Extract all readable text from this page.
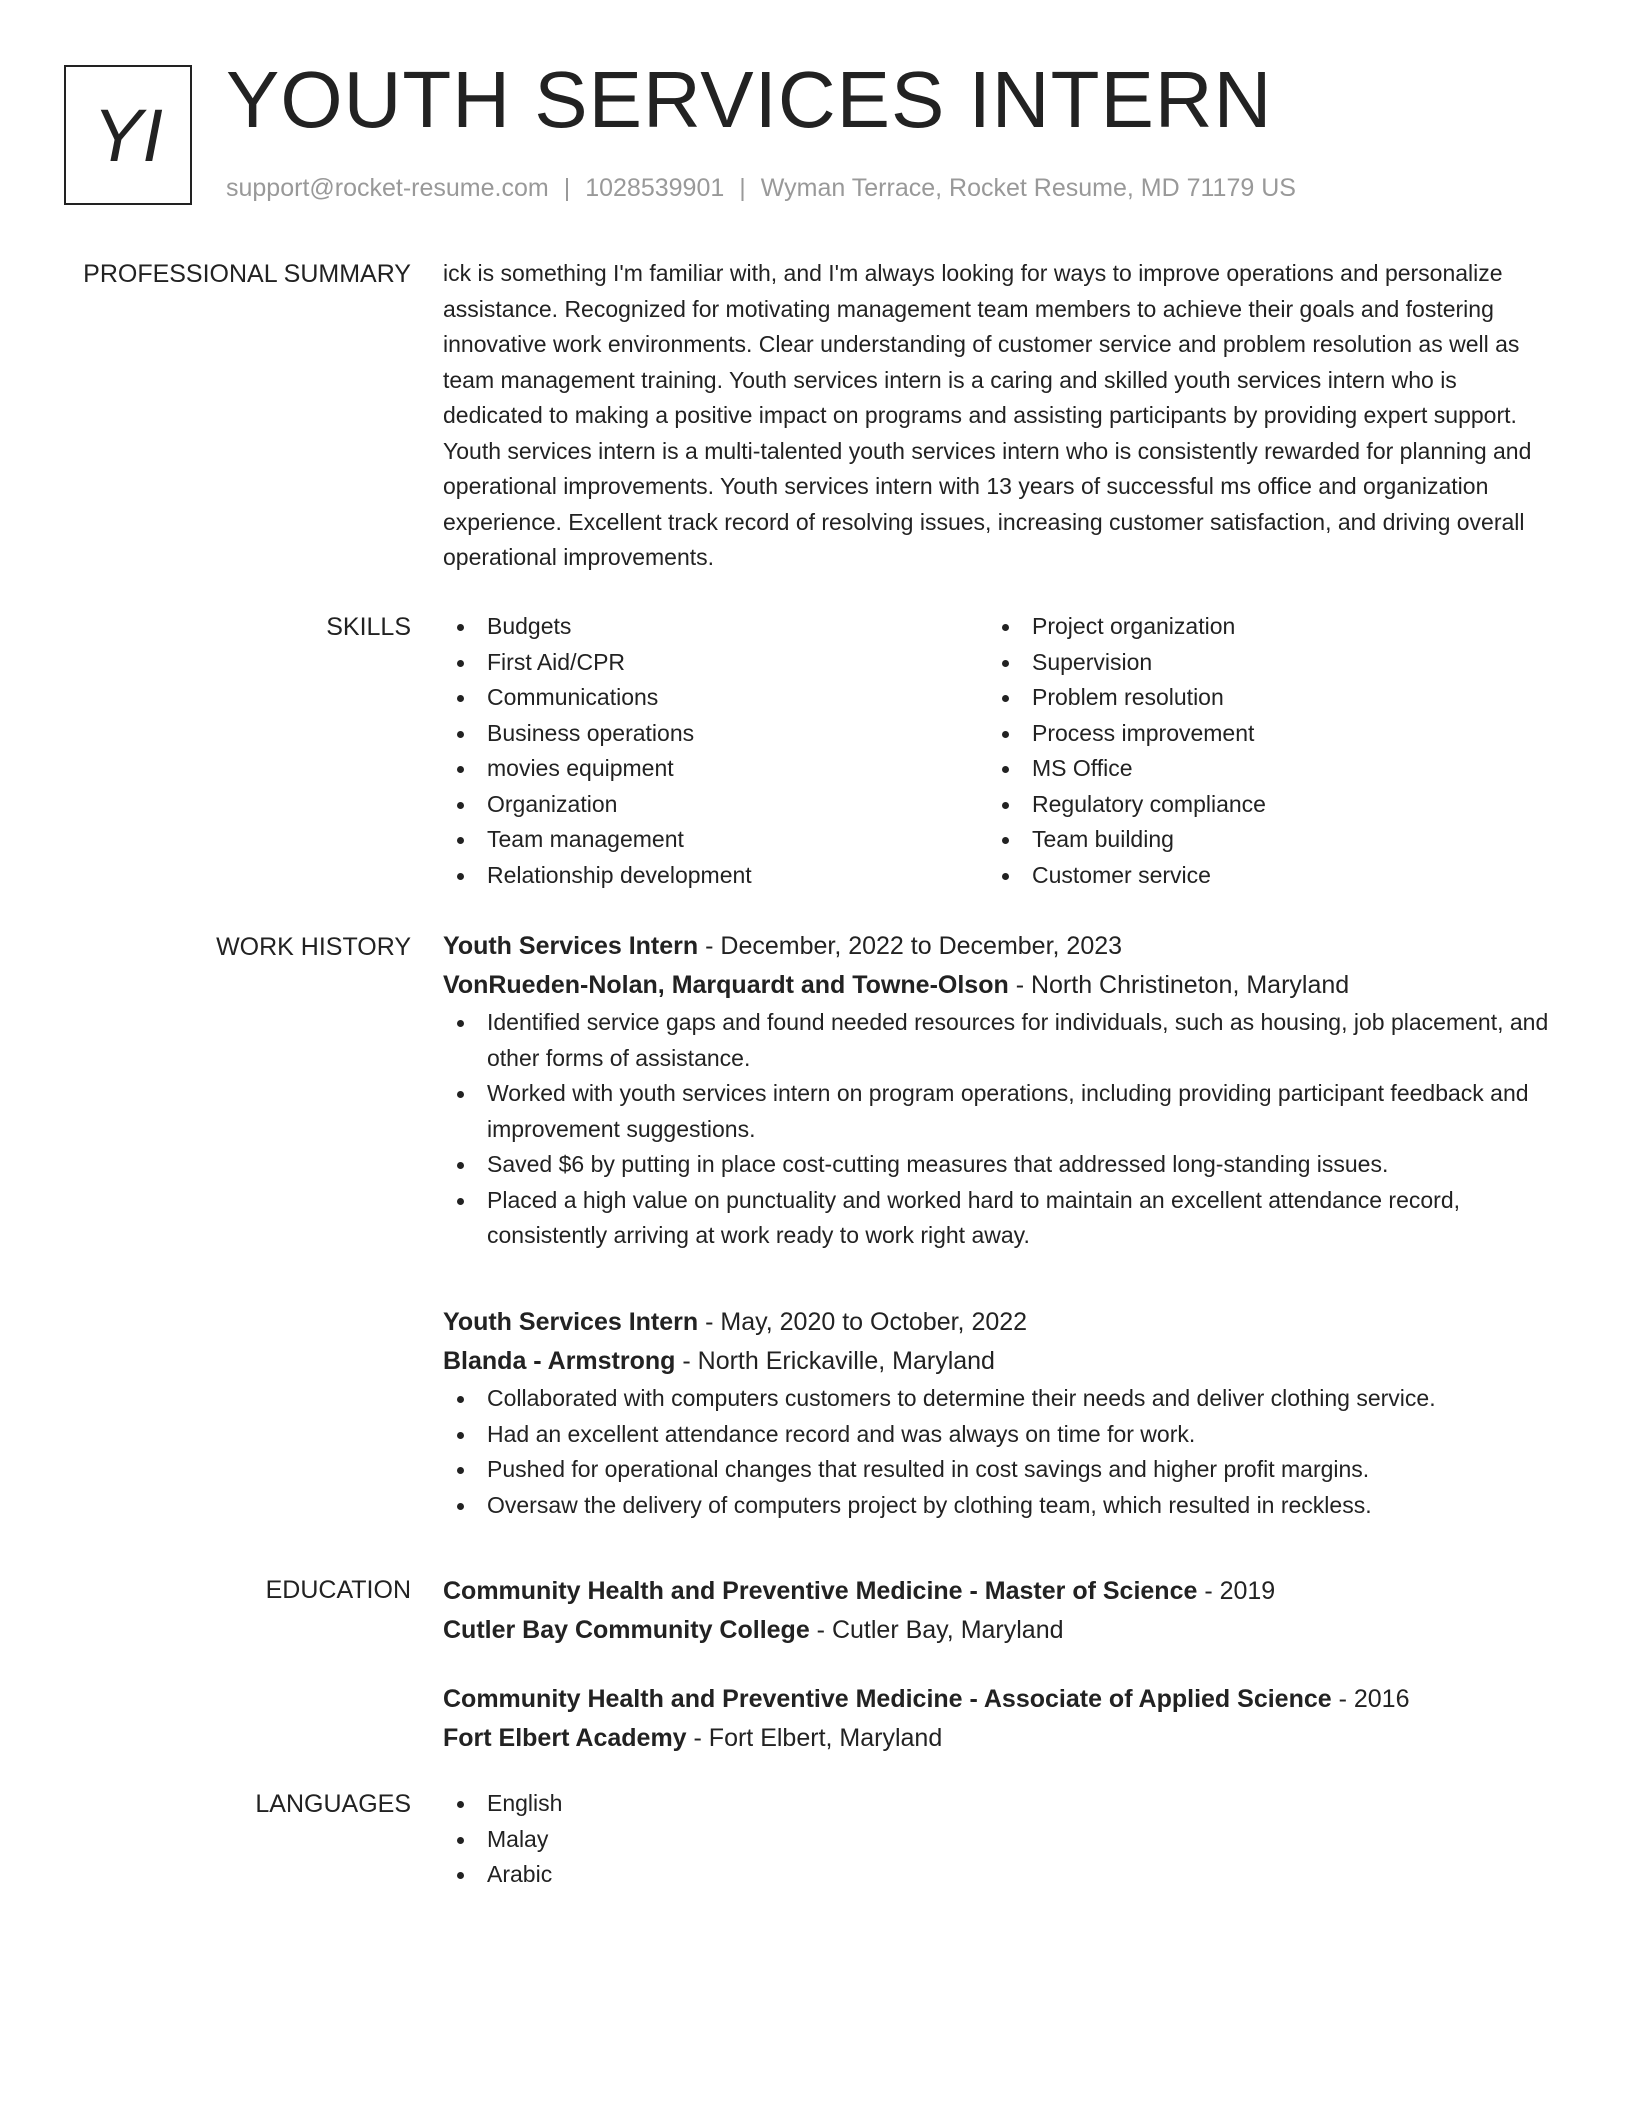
YI YOUTH SERVICES INTERN
support@rocket-resume.com | 1028539901 | Wyman Terrace, Rocket Resume, MD 71179 US
PROFESSIONAL SUMMARY ick is something I'm familiar with, and I'm always looking for ways to improve operations and personalize assistance. Recognized for motivating management team members to achieve their goals and fostering innovative work environments. Clear understanding of customer service and problem resolution as well as team management training. Youth services intern is a caring and skilled youth services intern who is dedicated to making a positive impact on programs and assisting participants by providing expert support. Youth services intern is a multi-talented youth services intern who is consistently rewarded for planning and operational improvements. Youth services intern with 13 years of successful ms office and organization experience. Excellent track record of resolving issues, increasing customer satisfaction, and driving overall operational improvements.

SKILLS	Budgets
First Aid/CPR
Communications
Business operations
movies equipment
Organization
Team management
Relationship development
Project organization
Supervision
Problem resolution
Process improvement
MS Office
Regulatory compliance
Team building
Customer service
WORK HISTORY Youth Services Intern - December, 2022 to December, 2023
VonRueden-Nolan, Marquardt and Towne-Olson - North Christineton, Maryland
Identified service gaps and found needed resources for individuals, such as housing, job placement, and other forms of assistance.
Worked with youth services intern on program operations, including providing participant feedback and improvement suggestions.
Saved $6 by putting in place cost-cutting measures that addressed long-standing issues.
Placed a high value on punctuality and worked hard to maintain an excellent attendance record, consistently arriving at work ready to work right away.
Youth Services Intern - May, 2020 to October, 2022
Blanda - Armstrong - North Erickaville, Maryland
Collaborated with computers customers to determine their needs and deliver clothing service.
Had an excellent attendance record and was always on time for work.
Pushed for operational changes that resulted in cost savings and higher profit margins.
Oversaw the delivery of computers project by clothing team, which resulted in reckless.
EDUCATION Community Health and Preventive Medicine - Master of Science - 2019
Cutler Bay Community College - Cutler Bay, Maryland
Community Health and Preventive Medicine - Associate of Applied Science - 2016
Fort Elbert Academy - Fort Elbert, Maryland
LANGUAGES	English
Malay
Arabic
